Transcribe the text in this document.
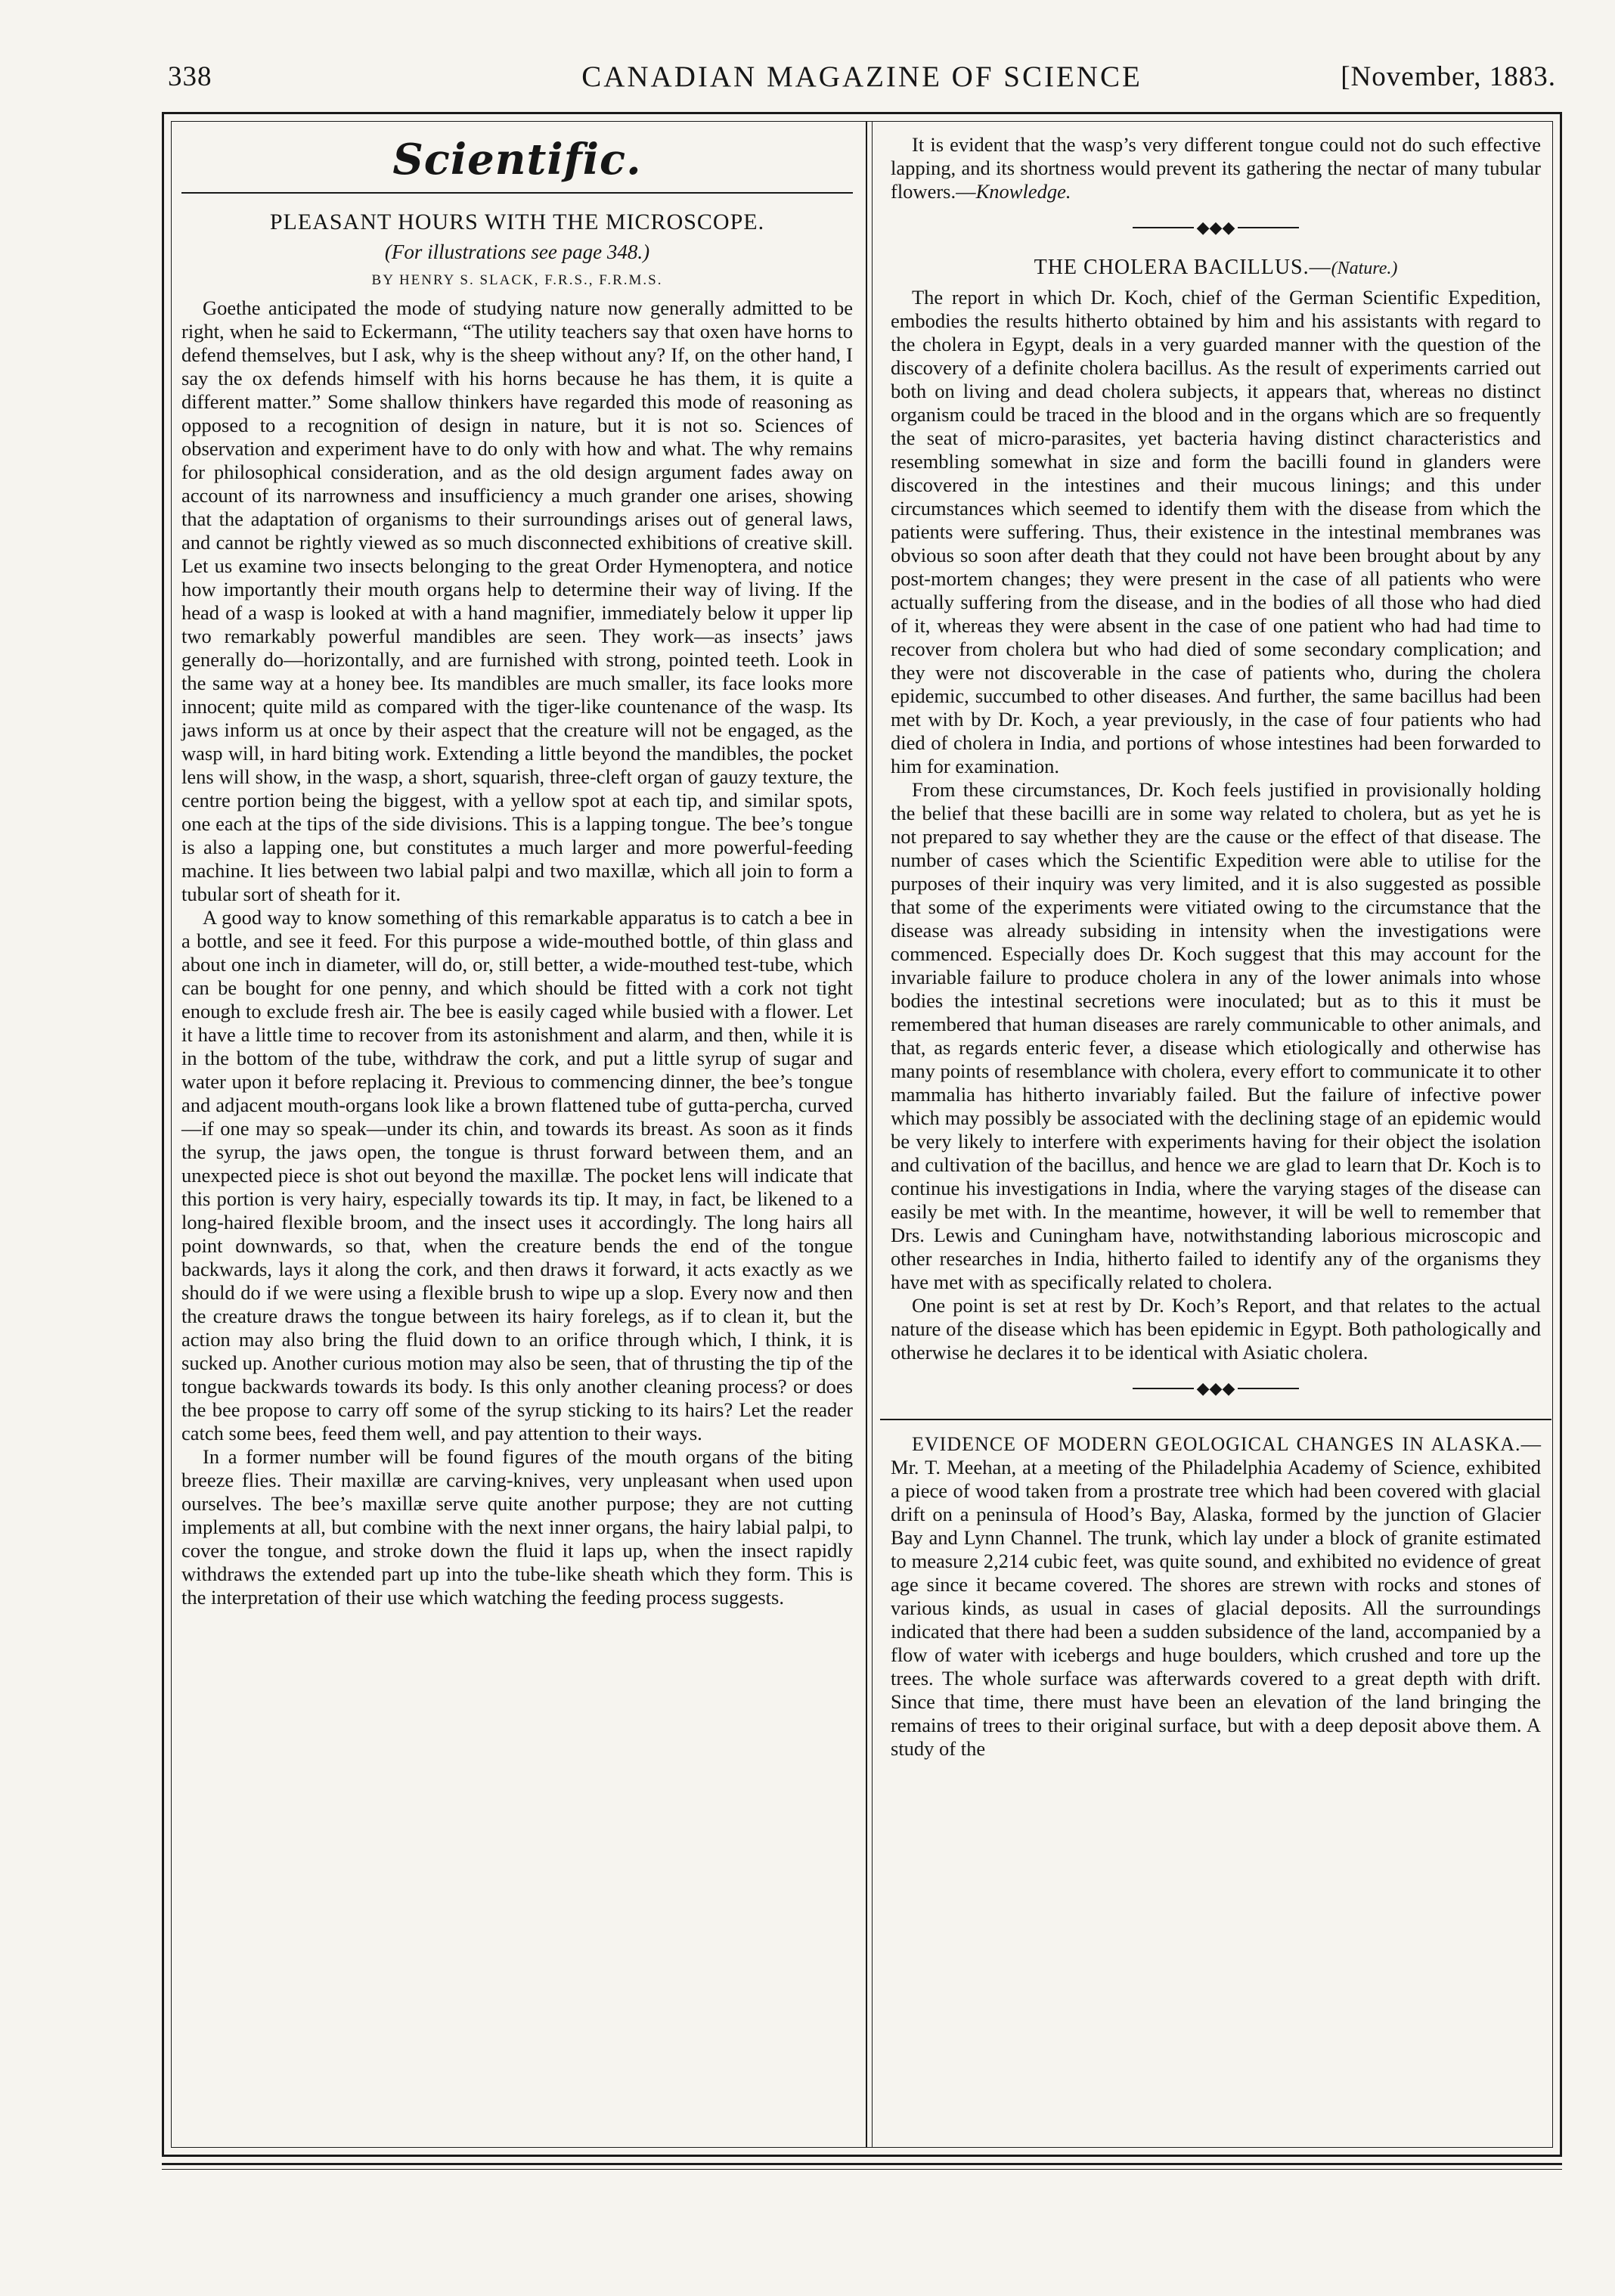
338	CANADIAN MAGAZINE OF SCIENCE	[November, 1883.
Scientific.
PLEASANT HOURS WITH THE MICROSCOPE.
(For illustrations see page 348.)
BY HENRY S. SLACK, F.R.S., F.R.M.S.

Goethe anticipated the mode of studying nature now generally admitted to be right, when he said to Eckermann, “The utility teachers say that oxen have horns to defend themselves, but I ask, why is the sheep without any? If, on the other hand, I say the ox defends himself with his horns because he has them, it is quite a different matter.” Some shallow thinkers have regarded this mode of reasoning as opposed to a recognition of design in nature, but it is not so. Sciences of observation and experiment have to do only with how and what. The why remains for philosophical consideration, and as the old design argument fades away on account of its narrowness and insufficiency a much grander one arises, showing that the adaptation of organisms to their surroundings arises out of general laws, and cannot be rightly viewed as so much disconnected exhibitions of creative skill. Let us examine two insects belonging to the great Order Hymenoptera, and notice how importantly their mouth organs help to determine their way of living. If the head of a wasp is looked at with a hand magnifier, immediately below it upper lip two remarkably powerful mandibles are seen. They work—as insects’ jaws generally do—horizontally, and are furnished with strong, pointed teeth. Look in the same way at a honey bee. Its mandibles are much smaller, its face looks more innocent; quite mild as compared with the tiger-like countenance of the wasp. Its jaws inform us at once by their aspect that the creature will not be engaged, as the wasp will, in hard biting work. Extending a little beyond the mandibles, the pocket lens will show, in the wasp, a short, squarish, three-cleft organ of gauzy texture, the centre portion being the biggest, with a yellow spot at each tip, and similar spots, one each at the tips of the side divisions. This is a lapping tongue. The bee’s tongue is also a lapping one, but constitutes a much larger and more powerful-feeding machine. It lies between two labial palpi and two maxillæ, which all join to form a tubular sort of sheath for it.

A good way to know something of this remarkable apparatus is to catch a bee in a bottle, and see it feed. For this purpose a wide-mouthed bottle, of thin glass and about one inch in diameter, will do, or, still better, a wide-mouthed test-tube, which can be bought for one penny, and which should be fitted with a cork not tight enough to exclude fresh air. The bee is easily caged while busied with a flower. Let it have a little time to recover from its astonishment and alarm, and then, while it is in the bottom of the tube, withdraw the cork, and put a little syrup of sugar and water upon it before replacing it. Previous to commencing dinner, the bee’s tongue and adjacent mouth-organs look like a brown flattened tube of gutta-percha, curved—if one may so speak—under its chin, and towards its breast. As soon as it finds the syrup, the jaws open, the tongue is thrust forward between them, and an unexpected piece is shot out beyond the maxillæ. The pocket lens will indicate that this portion is very hairy, especially towards its tip. It may, in fact, be likened to a long-haired flexible broom, and the insect uses it accordingly. The long hairs all point downwards, so that, when the creature bends the end of the tongue backwards, lays it along the cork, and then draws it forward, it acts exactly as we should do if we were using a flexible brush to wipe up a slop. Every now and then the creature draws the tongue between its hairy forelegs, as if to clean it, but the action may also bring the fluid down to an orifice through which, I think, it is sucked up. Another curious motion may also be seen, that of thrusting the tip of the tongue backwards towards its body. Is this only another cleaning process? or does the bee propose to carry off some of the syrup sticking to its hairs? Let the reader catch some bees, feed them well, and pay attention to their ways.

In a former number will be found figures of the mouth organs of the biting breeze flies. Their maxillæ are carving-knives, very unpleasant when used upon ourselves. The bee’s maxillæ serve quite another purpose; they are not cutting implements at all, but combine with the next inner organs, the hairy labial palpi, to cover the tongue, and stroke down the fluid it laps up, when the insect rapidly withdraws the extended part up into the tube-like sheath which they form. This is the interpretation of their use which watching the feeding process suggests.

It is evident that the wasp’s very different tongue could not do such effective lapping, and its shortness would prevent its gathering the nectar of many tubular flowers.—Knowledge.

◆◆◆
THE CHOLERA BACILLUS.—(Nature.)

The report in which Dr. Koch, chief of the German Scientific Expedition, embodies the results hitherto obtained by him and his assistants with regard to the cholera in Egypt, deals in a very guarded manner with the question of the discovery of a definite cholera bacillus. As the result of experiments carried out both on living and dead cholera subjects, it appears that, whereas no distinct organism could be traced in the blood and in the organs which are so frequently the seat of micro-parasites, yet bacteria having distinct characteristics and resembling somewhat in size and form the bacilli found in glanders were discovered in the intestines and their mucous linings; and this under circumstances which seemed to identify them with the disease from which the patients were suffering. Thus, their existence in the intestinal membranes was obvious so soon after death that they could not have been brought about by any post-mortem changes; they were present in the case of all patients who were actually suffering from the disease, and in the bodies of all those who had died of it, whereas they were absent in the case of one patient who had had time to recover from cholera but who had died of some secondary complication; and they were not discoverable in the case of patients who, during the cholera epidemic, succumbed to other diseases. And further, the same bacillus had been met with by Dr. Koch, a year previously, in the case of four patients who had died of cholera in India, and portions of whose intestines had been forwarded to him for examination.

From these circumstances, Dr. Koch feels justified in provisionally holding the belief that these bacilli are in some way related to cholera, but as yet he is not prepared to say whether they are the cause or the effect of that disease. The number of cases which the Scientific Expedition were able to utilise for the purposes of their inquiry was very limited, and it is also suggested as possible that some of the experiments were vitiated owing to the circumstance that the disease was already subsiding in intensity when the investigations were commenced. Especially does Dr. Koch suggest that this may account for the invariable failure to produce cholera in any of the lower animals into whose bodies the intestinal secretions were inoculated; but as to this it must be remembered that human diseases are rarely communicable to other animals, and that, as regards enteric fever, a disease which etiologically and otherwise has many points of resemblance with cholera, every effort to communicate it to other mammalia has hitherto invariably failed. But the failure of infective power which may possibly be associated with the declining stage of an epidemic would be very likely to interfere with experiments having for their object the isolation and cultivation of the bacillus, and hence we are glad to learn that Dr. Koch is to continue his investigations in India, where the varying stages of the disease can easily be met with. In the meantime, however, it will be well to remember that Drs. Lewis and Cuningham have, notwithstanding laborious microscopic and other researches in India, hitherto failed to identify any of the organisms they have met with as specifically related to cholera.

One point is set at rest by Dr. Koch’s Report, and that relates to the actual nature of the disease which has been epidemic in Egypt. Both pathologically and otherwise he declares it to be identical with Asiatic cholera.

◆◆◆

EVIDENCE OF MODERN GEOLOGICAL CHANGES IN ALASKA.—Mr. T. Meehan, at a meeting of the Philadelphia Academy of Science, exhibited a piece of wood taken from a prostrate tree which had been covered with glacial drift on a peninsula of Hood’s Bay, Alaska, formed by the junction of Glacier Bay and Lynn Channel. The trunk, which lay under a block of granite estimated to measure 2,214 cubic feet, was quite sound, and exhibited no evidence of great age since it became covered. The shores are strewn with rocks and stones of various kinds, as usual in cases of glacial deposits. All the surroundings indicated that there had been a sudden subsidence of the land, accompanied by a flow of water with icebergs and huge boulders, which crushed and tore up the trees. The whole surface was afterwards covered to a great depth with drift. Since that time, there must have been an elevation of the land bringing the remains of trees to their original surface, but with a deep deposit above them. A study of the
